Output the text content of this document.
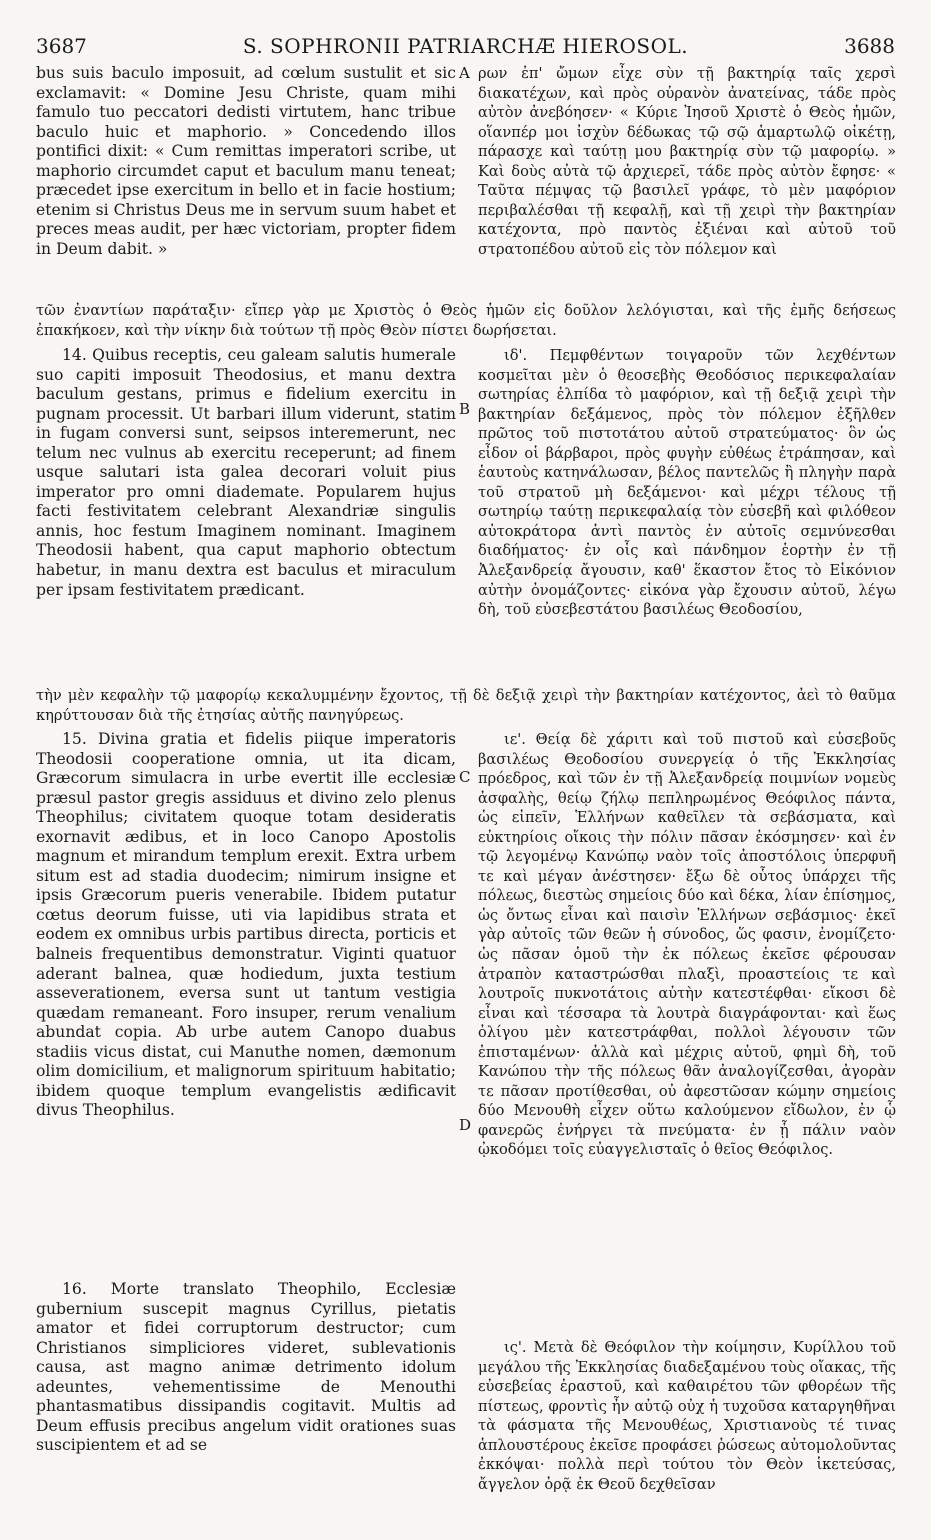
3687	S. SOPHRONII PATRIARCHÆ HIEROSOL.	3688
A
B
C
D

bus suis baculo imposuit, ad cœlum sustulit et sic exclamavit: « Domine Jesu Christe, quam mihi famulo tuo peccatori dedisti virtutem, hanc tribue baculo huic et maphorio. » Concedendo illos pontifici dixit: « Cum remittas imperatori scribe, ut maphorio circumdet caput et baculum manu teneat; præcedet ipse exercitum in bello et in facie hostium; etenim si Christus Deus me in servum suum habet et preces meas audit, per hæc victoriam, propter fidem in Deum dabit. »

ρων ἐπ' ὤμων εἶχε σὺν τῇ βακτηρίᾳ ταῖς χερσὶ διακατέχων, καὶ πρὸς οὐρανὸν ἀνατείνας, τάδε πρὸς αὐτὸν ἀνεβόησεν· « Κύριε Ἰησοῦ Χριστὲ ὁ Θεὸς ἡμῶν, οἵανπέρ μοι ἰσχὺν δέδωκας τῷ σῷ ἁμαρτωλῷ οἰκέτῃ, πάρασχε καὶ ταύτῃ μου βακτηρίᾳ σὺν τῷ μαφορίῳ. » Καὶ δοὺς αὐτὰ τῷ ἀρχιερεῖ, τάδε πρὸς αὐτὸν ἔφησε· « Ταῦτα πέμψας τῷ βασιλεῖ γράφε, τὸ μὲν μαφόριον περιβαλέσθαι τῇ κεφαλῇ, καὶ τῇ χειρὶ τὴν βακτηρίαν κατέχοντα, πρὸ παντὸς ἐξιέναι καὶ αὐτοῦ τοῦ στρατοπέδου αὐτοῦ εἰς τὸν πόλεμον καὶ

τῶν ἐναντίων παράταξιν· εἴπερ γὰρ με Χριστὸς ὁ Θεὸς ἡμῶν εἰς δοῦλον λελόγισται, καὶ τῆς ἐμῆς δεήσεως ἐπακήκοεν, καὶ τὴν νίκην διὰ τούτων τῇ πρὸς Θεὸν πίστει δωρήσεται.

14. Quibus receptis, ceu galeam salutis humerale suo capiti imposuit Theodosius, et manu dextra baculum gestans, primus e fidelium exercitu in pugnam processit. Ut barbari illum viderunt, statim in fugam conversi sunt, seipsos interemerunt, nec telum nec vulnus ab exercitu receperunt; ad finem usque salutari ista galea decorari voluit pius imperator pro omni diademate. Popularem hujus facti festivitatem celebrant Alexandriæ singulis annis, hoc festum Imaginem nominant. Imaginem Theodosii habent, qua caput maphorio obtectum habetur, in manu dextra est baculus et miraculum per ipsam festivitatem prædicant.

ιδ'. Πεμφθέντων τοιγαροῦν τῶν λεχθέντων κοσμεῖται μὲν ὁ θεοσεβὴς Θεοδόσιος περικεφαλαίαν σωτηρίας ἐλπίδα τὸ μαφόριον, καὶ τῇ δεξιᾷ χειρὶ τὴν βακτηρίαν δεξάμενος, πρὸς τὸν πόλεμον ἐξῆλθεν πρῶτος τοῦ πιστοτάτου αὐτοῦ στρατεύματος· ὃν ὡς εἶδον οἱ βάρβαροι, πρὸς φυγὴν εὐθέως ἐτράπησαν, καὶ ἑαυτοὺς κατηνάλωσαν, βέλος παντελῶς ἢ πληγὴν παρὰ τοῦ στρατοῦ μὴ δεξάμενοι· καὶ μέχρι τέλους τῇ σωτηρίῳ ταύτῃ περικεφαλαίᾳ τὸν εὐσεβῆ καὶ φιλόθεον αὐτοκράτορα ἀντὶ παντὸς ἐν αὐτοῖς σεμνύνεσθαι διαδήματος· ἐν οἷς καὶ πάνδημον ἑορτὴν ἐν τῇ Ἀλεξανδρείᾳ ἄγουσιν, καθ' ἕκαστον ἔτος τὸ Εἰκόνιον αὐτὴν ὀνομάζοντες· εἰκόνα γὰρ ἔχουσιν αὐτοῦ, λέγω δὴ, τοῦ εὐσεβεστάτου βασιλέως Θεοδοσίου,

τὴν μὲν κεφαλὴν τῷ μαφορίῳ κεκαλυμμένην ἔχοντος, τῇ δὲ δεξιᾷ χειρὶ τὴν βακτηρίαν κατέχοντος, ἀεὶ τὸ θαῦμα κηρύττουσαν διὰ τῆς ἐτησίας αὐτῆς πανηγύρεως.

15. Divina gratia et fidelis piique imperatoris Theodosii cooperatione omnia, ut ita dicam, Græcorum simulacra in urbe evertit ille ecclesiæ præsul pastor gregis assiduus et divino zelo plenus Theophilus; civitatem quoque totam desideratis exornavit ædibus, et in loco Canopo Apostolis magnum et mirandum templum erexit. Extra urbem situm est ad stadia duodecim; nimirum insigne et ipsis Græcorum pueris venerabile. Ibidem putatur cœtus deorum fuisse, uti via lapidibus strata et eodem ex omnibus urbis partibus directa, porticis et balneis frequentibus demonstratur. Viginti quatuor aderant balnea, quæ hodiedum, juxta testium asseverationem, eversa sunt ut tantum vestigia quædam remaneant. Foro insuper, rerum venalium abundat copia. Ab urbe autem Canopo duabus stadiis vicus distat, cui Manuthe nomen, dæmonum olim domicilium, et malignorum spirituum habitatio; ibidem quoque templum evangelistis ædificavit divus Theophilus.

ιε'. Θείᾳ δὲ χάριτι καὶ τοῦ πιστοῦ καὶ εὐσεβοῦς βασιλέως Θεοδοσίου συνεργείᾳ ὁ τῆς Ἐκκλησίας πρόεδρος, καὶ τῶν ἐν τῇ Ἀλεξανδρείᾳ ποιμνίων νομεὺς ἀσφαλὴς, θείῳ ζήλῳ πεπληρωμένος Θεόφιλος πάντα, ὡς εἰπεῖν, Ἑλλήνων καθεῖλεν τὰ σεβάσματα, καὶ εὐκτηρίοις οἴκοις τὴν πόλιν πᾶσαν ἐκόσμησεν· καὶ ἐν τῷ λεγομένῳ Κανώπῳ ναὸν τοῖς ἀποστόλοις ὑπερφυῆ τε καὶ μέγαν ἀνέστησεν· ἔξω δὲ οὗτος ὑπάρχει τῆς πόλεως, διεστὼς σημείοις δύο καὶ δέκα, λίαν ἐπίσημος, ὡς ὄντως εἶναι καὶ παισὶν Ἑλλήνων σεβάσμιος· ἐκεῖ γὰρ αὐτοῖς τῶν θεῶν ἡ σύνοδος, ὥς φασιν, ἐνομίζετο· ὡς πᾶσαν ὁμοῦ τὴν ἐκ πόλεως ἐκεῖσε φέρουσαν ἀτραπὸν καταστρώσθαι πλαξὶ, προαστείοις τε καὶ λουτροῖς πυκνοτάτοις αὐτὴν κατεστέφθαι· εἴκοσι δὲ εἶναι καὶ τέσσαρα τὰ λουτρὰ διαγράφονται· καὶ ἕως ὀλίγου μὲν κατεστράφθαι, πολλοὶ λέγουσιν τῶν ἐπισταμένων· ἀλλὰ καὶ μέχρις αὐτοῦ, φημὶ δὴ, τοῦ Κανώπου τὴν τῆς πόλεως θᾶν ἀναλογίζεσθαι, ἀγορὰν τε πᾶσαν προτίθεσθαι, οὐ ἀφεστῶσαν κώμην σημείοις δύο Μενουθὴ εἶχεν οὕτω καλούμενον εἴδωλον, ἐν ᾧ φανερῶς ἐνήργει τὰ πνεύματα· ἐν ᾗ πάλιν ναὸν ᾠκοδόμει τοῖς εὐαγγελισταῖς ὁ θεῖος Θεόφιλος.

16. Morte translato Theophilo, Ecclesiæ gubernium suscepit magnus Cyrillus, pietatis amator et fidei corruptorum destructor; cum Christianos simpliciores videret, sublevationis causa, ast magno animæ detrimento idolum adeuntes, vehementissime de Menouthi phantasmatibus dissipandis cogitavit. Multis ad Deum effusis precibus angelum vidit orationes suas suscipientem et ad se

ις'. Μετὰ δὲ Θεόφιλον τὴν κοίμησιν, Κυρίλλου τοῦ μεγάλου τῆς Ἐκκλησίας διαδεξαμένου τοὺς οἴακας, τῆς εὐσεβείας ἐραστοῦ, καὶ καθαιρέτου τῶν φθορέων τῆς πίστεως, φροντὶς ἦν αὐτῷ οὐχ ἡ τυχοῦσα καταργηθῆναι τὰ φάσματα τῆς Μενουθέως, Χριστιανοὺς τέ τινας ἁπλουστέρους ἐκεῖσε προφάσει ῥώσεως αὐτομολοῦντας ἐκκόψαι· πολλὰ περὶ τούτου τὸν Θεὸν ἱκετεύσας, ἄγγελον ὁρᾷ ἐκ Θεοῦ δεχθεῖσαν
